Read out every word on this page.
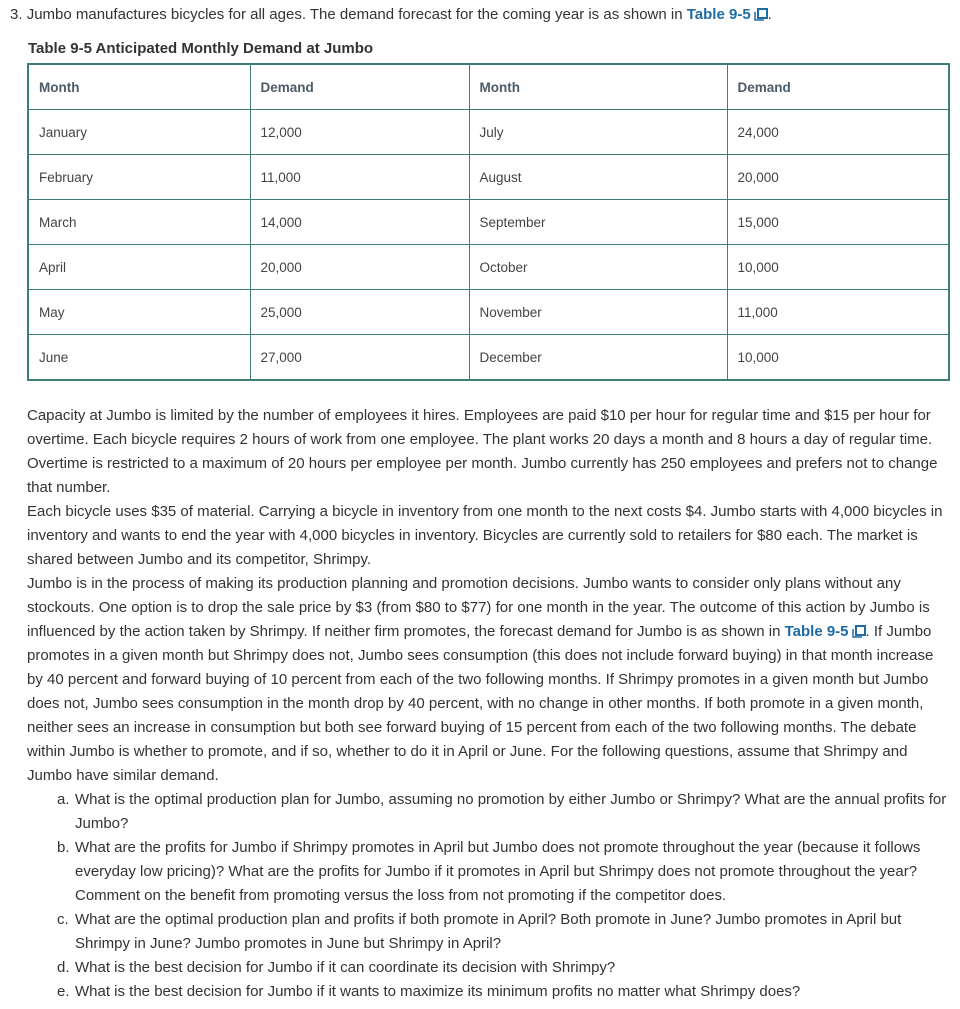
3. Jumbo manufactures bicycles for all ages. The demand forecast for the coming year is as shown in Table 9-5 .
Table 9-5 Anticipated Monthly Demand at Jumbo
Month	Demand	Month	Demand
January	12,000	July	24,000
February	11,000	August	20,000
March	14,000	September	15,000
April	20,000	October	10,000
May	25,000	November	11,000
June	27,000	December	10,000

Capacity at Jumbo is limited by the number of employees it hires. Employees are paid $10 per hour for regular time and $15 per hour for overtime. Each bicycle requires 2 hours of work from one employee. The plant works 20 days a month and 8 hours a day of regular time. Overtime is restricted to a maximum of 20 hours per employee per month. Jumbo currently has 250 employees and prefers not to change that number.

Each bicycle uses $35 of material. Carrying a bicycle in inventory from one month to the next costs $4. Jumbo starts with 4,000 bicycles in inventory and wants to end the year with 4,000 bicycles in inventory. Bicycles are currently sold to retailers for $80 each. The market is shared between Jumbo and its competitor, Shrimpy.

Jumbo is in the process of making its production planning and promotion decisions. Jumbo wants to consider only plans without any stockouts. One option is to drop the sale price by $3 (from $80 to $77) for one month in the year. The outcome of this action by Jumbo is influenced by the action taken by Shrimpy. If neither firm promotes, the forecast demand for Jumbo is as shown in Table 9-5 . If Jumbo promotes in a given month but Shrimpy does not, Jumbo sees consumption (this does not include forward buying) in that month increase by 40 percent and forward buying of 10 percent from each of the two following months. If Shrimpy promotes in a given month but Jumbo does not, Jumbo sees consumption in the month drop by 40 percent, with no change in other months. If both promote in a given month, neither sees an increase in consumption but both see forward buying of 15 percent from each of the two following months. The debate within Jumbo is whether to promote, and if so, whether to do it in April or June. For the following questions, assume that Shrimpy and Jumbo have similar demand.

a. What is the optimal production plan for Jumbo, assuming no promotion by either Jumbo or Shrimpy? What are the annual profits for Jumbo?
b. What are the profits for Jumbo if Shrimpy promotes in April but Jumbo does not promote throughout the year (because it follows everyday low pricing)? What are the profits for Jumbo if it promotes in April but Shrimpy does not promote throughout the year? Comment on the benefit from promoting versus the loss from not promoting if the competitor does.
c. What are the optimal production plan and profits if both promote in April? Both promote in June? Jumbo promotes in April but Shrimpy in June? Jumbo promotes in June but Shrimpy in April?
d. What is the best decision for Jumbo if it can coordinate its decision with Shrimpy?
e. What is the best decision for Jumbo if it wants to maximize its minimum profits no matter what Shrimpy does?
